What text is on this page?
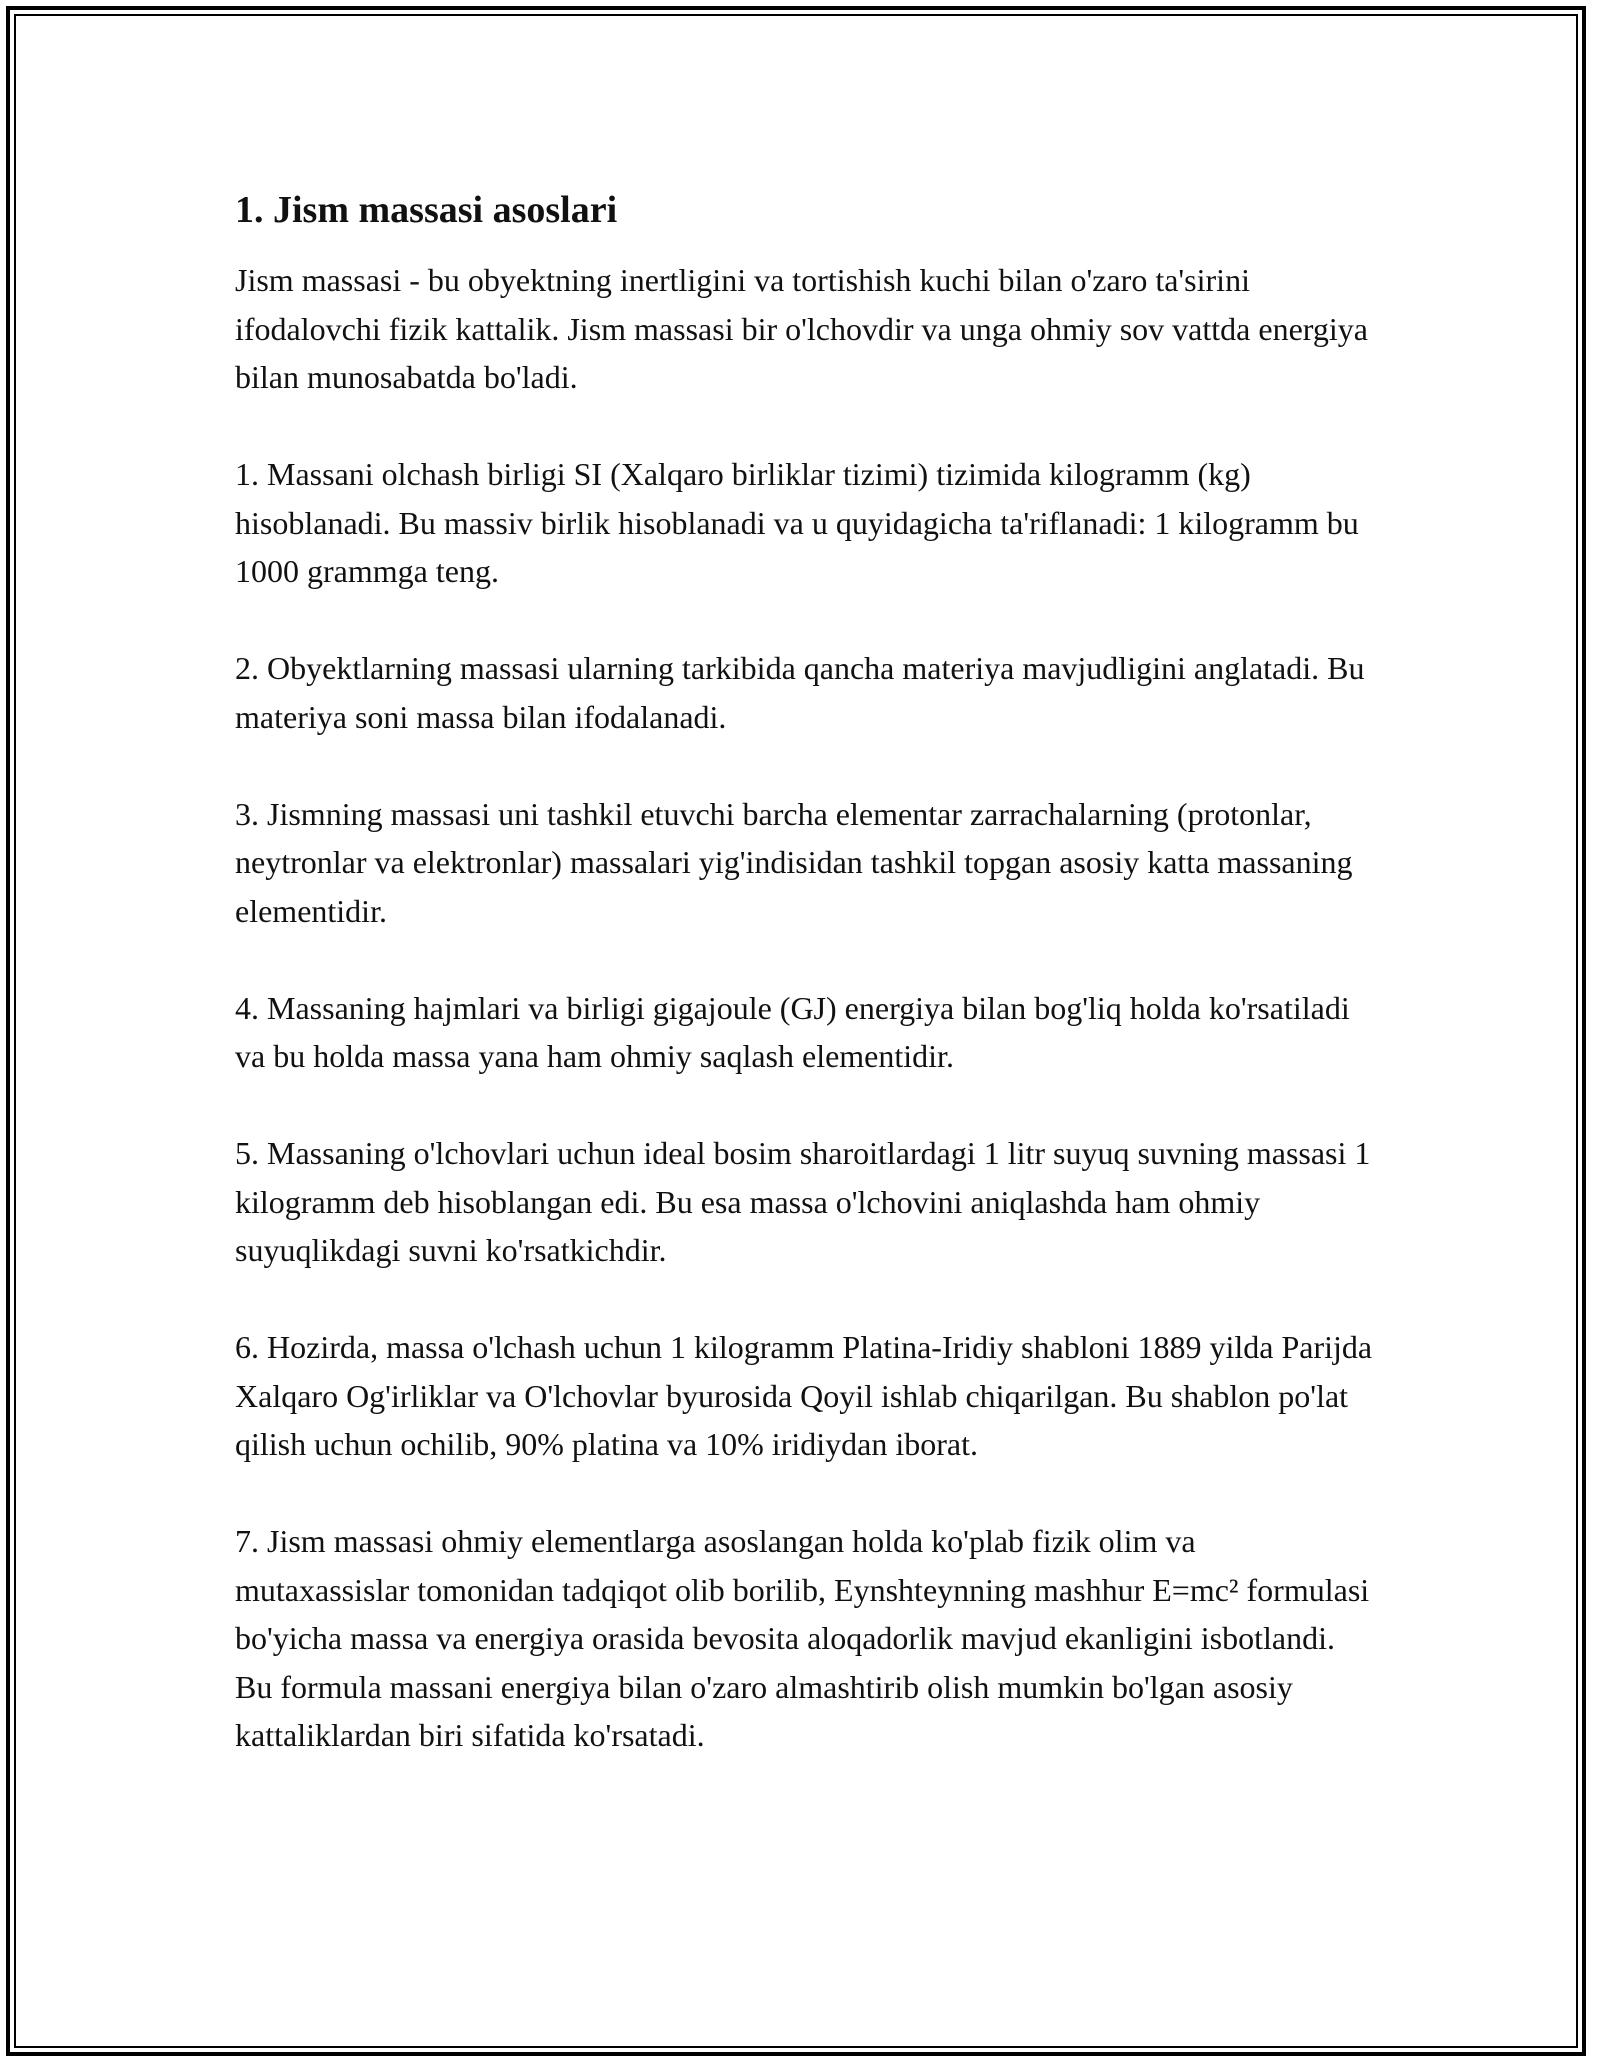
1. Jism massasi asoslari

Jism massasi - bu obyektning inertligini va tortishish kuchi bilan o'zaro ta'sirini ifodalovchi fizik kattalik. Jism massasi bir o'lchovdir va unga ohmiy sov vattda energiya bilan munosabatda bo'ladi.

1. Massani olchash birligi SI (Xalqaro birliklar tizimi) tizimida kilogramm (kg) hisoblanadi. Bu massiv birlik hisoblanadi va u quyidagicha ta'riflanadi: 1 kilogramm bu 1000 grammga teng.

2. Obyektlarning massasi ularning tarkibida qancha materiya mavjudligini anglatadi. Bu materiya soni massa bilan ifodalanadi.

3. Jismning massasi uni tashkil etuvchi barcha elementar zarrachalarning (protonlar, neytronlar va elektronlar) massalari yig'indisidan tashkil topgan asosiy katta massaning elementidir.

4. Massaning hajmlari va birligi gigajoule (GJ) energiya bilan bog'liq holda ko'rsatiladi va bu holda massa yana ham ohmiy saqlash elementidir.

5. Massaning o'lchovlari uchun ideal bosim sharoitlardagi 1 litr suyuq suvning massasi 1 kilogramm deb hisoblangan edi. Bu esa massa o'lchovini aniqlashda ham ohmiy suyuqlikdagi suvni ko'rsatkichdir.

6. Hozirda, massa o'lchash uchun 1 kilogramm Platina-Iridiy shabloni 1889 yilda Parijda Xalqaro Og'irliklar va O'lchovlar byurosida Qoyil ishlab chiqarilgan. Bu shablon po'lat qilish uchun ochilib, 90% platina va 10% iridiydan iborat.

7. Jism massasi ohmiy elementlarga asoslangan holda ko'plab fizik olim va mutaxassislar tomonidan tadqiqot olib borilib, Eynshteynning mashhur E=mc² formulasi bo'yicha massa va energiya orasida bevosita aloqadorlik mavjud ekanligini isbotlandi. Bu formula massani energiya bilan o'zaro almashtirib olish mumkin bo'lgan asosiy kattaliklardan biri sifatida ko'rsatadi.
